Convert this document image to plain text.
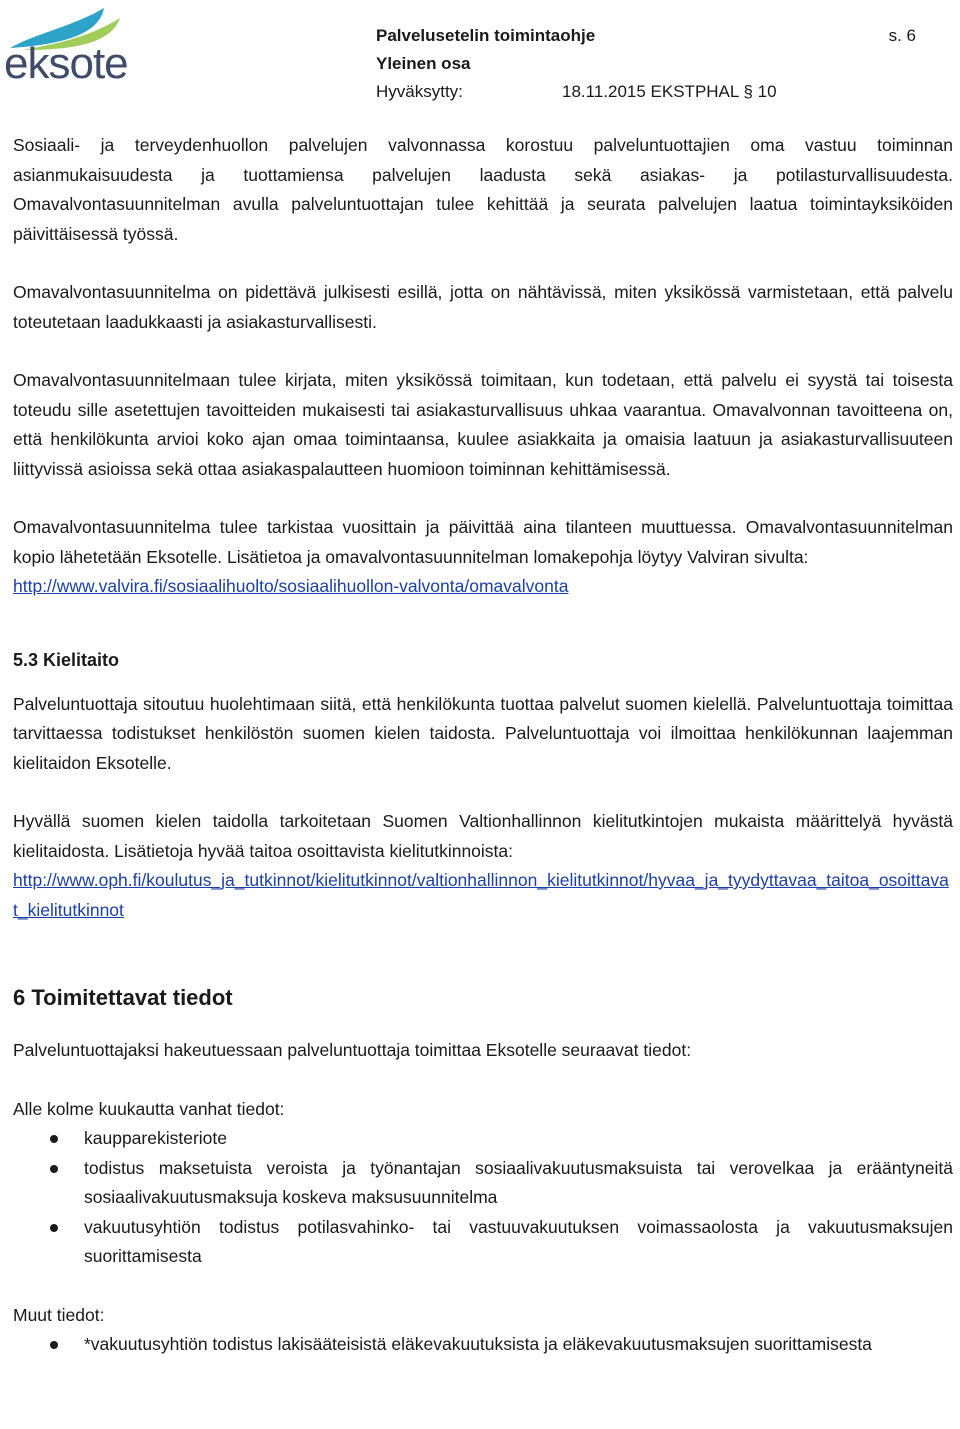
eksote
Palvelusetelin toimintaohje	s. 6
Yleinen osa
Hyväksytty:	18.11.2015 EKSTPHAL § 10

Sosiaali- ja terveydenhuollon palvelujen valvonnassa korostuu palveluntuottajien oma vastuu toiminnan asianmukaisuudesta ja tuottamiensa palvelujen laadusta sekä asiakas- ja potilasturvallisuudesta. Omavalvontasuunnitelman avulla palveluntuottajan tulee kehittää ja seurata palvelujen laatua toimintayksiköiden päivittäisessä työssä.

Omavalvontasuunnitelma on pidettävä julkisesti esillä, jotta on nähtävissä, miten yksikössä varmistetaan, että palvelu toteutetaan laadukkaasti ja asiakasturvallisesti.

Omavalvontasuunnitelmaan tulee kirjata, miten yksikössä toimitaan, kun todetaan, että palvelu ei syystä tai toisesta toteudu sille asetettujen tavoitteiden mukaisesti tai asiakasturvallisuus uhkaa vaarantua. Omavalvonnan tavoitteena on, että henkilökunta arvioi koko ajan omaa toimintaansa, kuulee asiakkaita ja omaisia laatuun ja asiakasturvallisuuteen liittyvissä asioissa sekä ottaa asiakaspalautteen huomioon toiminnan kehittämisessä.

Omavalvontasuunnitelma tulee tarkistaa vuosittain ja päivittää aina tilanteen muuttuessa. Omavalvontasuunnitelman kopio lähetetään Eksotelle. Lisätietoa ja omavalvontasuunnitelman lomakepohja löytyy Valviran sivulta:

http://www.valvira.fi/sosiaalihuolto/sosiaalihuollon-valvonta/omavalvonta

5.3 Kielitaito

Palveluntuottaja sitoutuu huolehtimaan siitä, että henkilökunta tuottaa palvelut suomen kielellä. Palveluntuottaja toimittaa tarvittaessa todistukset henkilöstön suomen kielen taidosta. Palveluntuottaja voi ilmoittaa henkilökunnan laajemman kielitaidon Eksotelle.

Hyvällä suomen kielen taidolla tarkoitetaan Suomen Valtionhallinnon kielitutkintojen mukaista määrittelyä hyvästä kielitaidosta. Lisätietoja hyvää taitoa osoittavista kielitutkinnoista:

http://www.oph.fi/koulutus_ja_tutkinnot/kielitutkinnot/valtionhallinnon_kielitutkinnot/hyvaa_ja_tyydyttavaa_taitoa_osoittavat_kielitutkinnot

6 Toimitettavat tiedot

Palveluntuottajaksi hakeutuessaan palveluntuottaja toimittaa Eksotelle seuraavat tiedot:

Alle kolme kuukautta vanhat tiedot:

kaupparekisteriote
todistus maksetuista veroista ja työnantajan sosiaalivakuutusmaksuista tai verovelkaa ja erääntyneitä sosiaalivakuutusmaksuja koskeva maksusuunnitelma
vakuutusyhtiön todistus potilasvahinko- tai vastuuvakuutuksen voimassaolosta ja vakuutusmaksujen suorittamisesta

Muut tiedot:

*vakuutusyhtiön todistus lakisääteisistä eläkevakuutuksista ja eläkevakuutusmaksujen suorittamisesta
